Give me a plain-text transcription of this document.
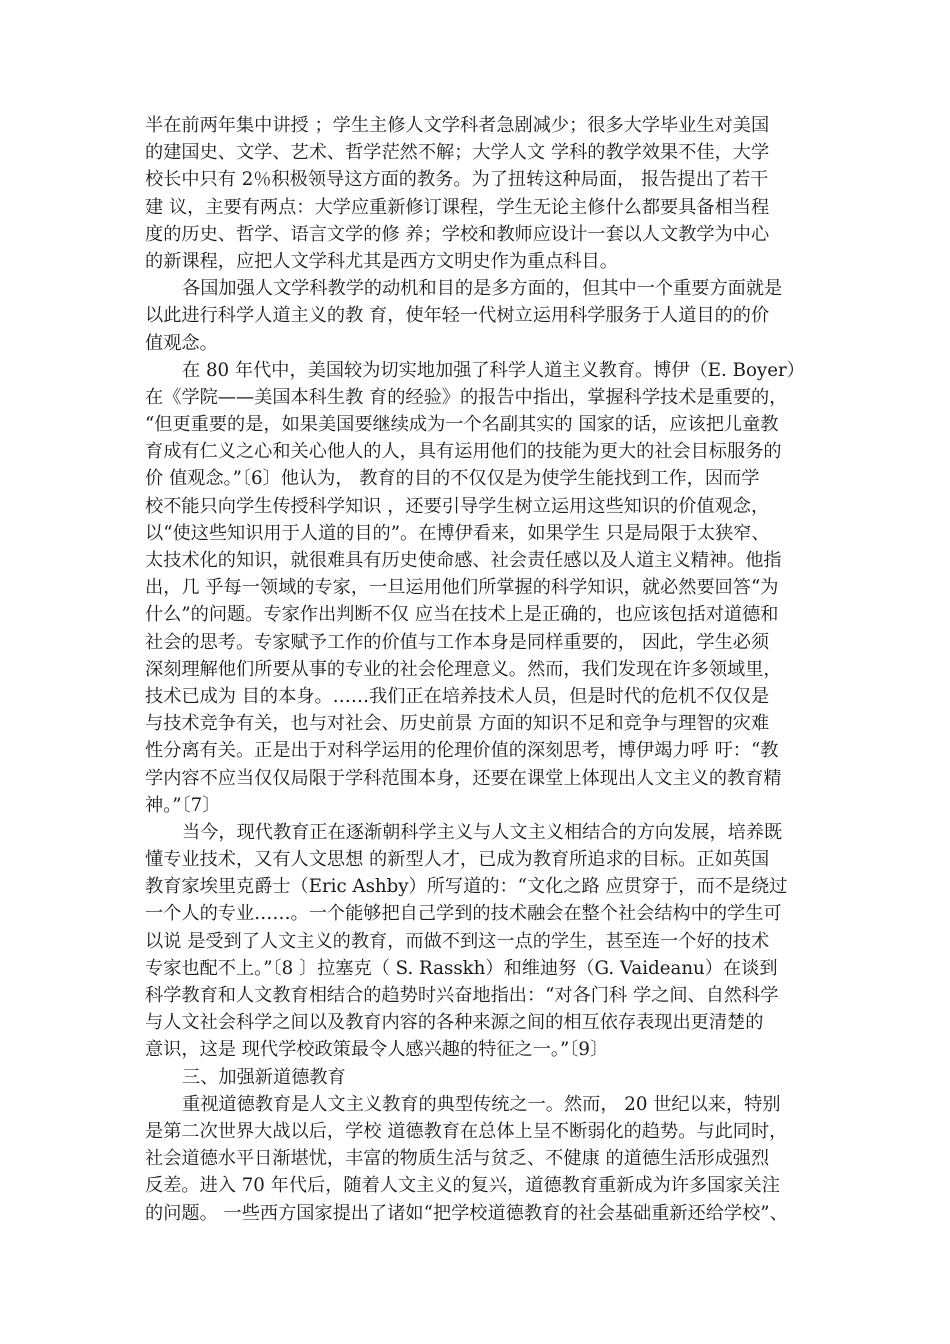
半在前两年集中讲授 ；学生主修人文学科者急剧减少；很多大学毕业生对美国
的建国史、文学、艺术、哲学茫然不解；大学人文 学科的教学效果不佳，大学
校长中只有 2％积极领导这方面的教务。为了扭转这种局面， 报告提出了若干
建 议，主要有两点：大学应重新修订课程，学生无论主修什么都要具备相当程
度的历史、哲学、语言文学的修 养；学校和教师应设计一套以人文教学为中心
的新课程，应把人文学科尤其是西方文明史作为重点科目。
各国加强人文学科教学的动机和目的是多方面的，但其中一个重要方面就是
以此进行科学人道主义的教 育，使年轻一代树立运用科学服务于人道目的的价
值观念。
在 80 年代中，美国较为切实地加强了科学人道主义教育。博伊（E. Boyer）
在《学院——美国本科生教 育的经验》的报告中指出，掌握科学技术是重要的，
“但更重要的是，如果美国要继续成为一个名副其实的 国家的话，应该把儿童教
育成有仁义之心和关心他人的人，具有运用他们的技能为更大的社会目标服务的
价 值观念。”〔6〕他认为， 教育的目的不仅仅是为使学生能找到工作，因而学
校不能只向学生传授科学知识 ，还要引导学生树立运用这些知识的价值观念，
以“使这些知识用于人道的目的”。在博伊看来，如果学生 只是局限于太狭窄、
太技术化的知识，就很难具有历史使命感、社会责任感以及人道主义精神。他指
出，几 乎每一领域的专家，一旦运用他们所掌握的科学知识，就必然要回答“为
什么”的问题。专家作出判断不仅 应当在技术上是正确的，也应该包括对道德和
社会的思考。专家赋予工作的价值与工作本身是同样重要的， 因此，学生必须
深刻理解他们所要从事的专业的社会伦理意义。然而，我们发现在许多领域里，
技术已成为 目的本身。……我们正在培养技术人员，但是时代的危机不仅仅是
与技术竞争有关，也与对社会、历史前景 方面的知识不足和竞争与理智的灾难
性分离有关。正是出于对科学运用的伦理价值的深刻思考，博伊竭力呼 吁：“教
学内容不应当仅仅局限于学科范围本身，还要在课堂上体现出人文主义的教育精
神。”〔7〕
当今，现代教育正在逐渐朝科学主义与人文主义相结合的方向发展，培养既
懂专业技术，又有人文思想 的新型人才，已成为教育所追求的目标。正如英国
教育家埃里克爵士（Eric Ashby）所写道的：“文化之路 应贯穿于，而不是绕过
一个人的专业……。一个能够把自己学到的技术融会在整个社会结构中的学生可
以说 是受到了人文主义的教育，而做不到这一点的学生，甚至连一个好的技术
专家也配不上。”〔8 〕拉塞克（ S. Rasskh）和维迪努（G. Vaideanu）在谈到
科学教育和人文教育相结合的趋势时兴奋地指出：“对各门科 学之间、自然科学
与人文社会科学之间以及教育内容的各种来源之间的相互依存表现出更清楚的
意识，这是 现代学校政策最令人感兴趣的特征之一。”〔9〕
三、加强新道德教育
重视道德教育是人文主义教育的典型传统之一。然而， 20 世纪以来，特别
是第二次世界大战以后，学校 道德教育在总体上呈不断弱化的趋势。与此同时，
社会道德水平日渐堪忧，丰富的物质生活与贫乏、不健康 的道德生活形成强烈
反差。进入 70 年代后，随着人文主义的复兴，道德教育重新成为许多国家关注
的问题。 一些西方国家提出了诸如“把学校道德教育的社会基础重新还给学校”、
